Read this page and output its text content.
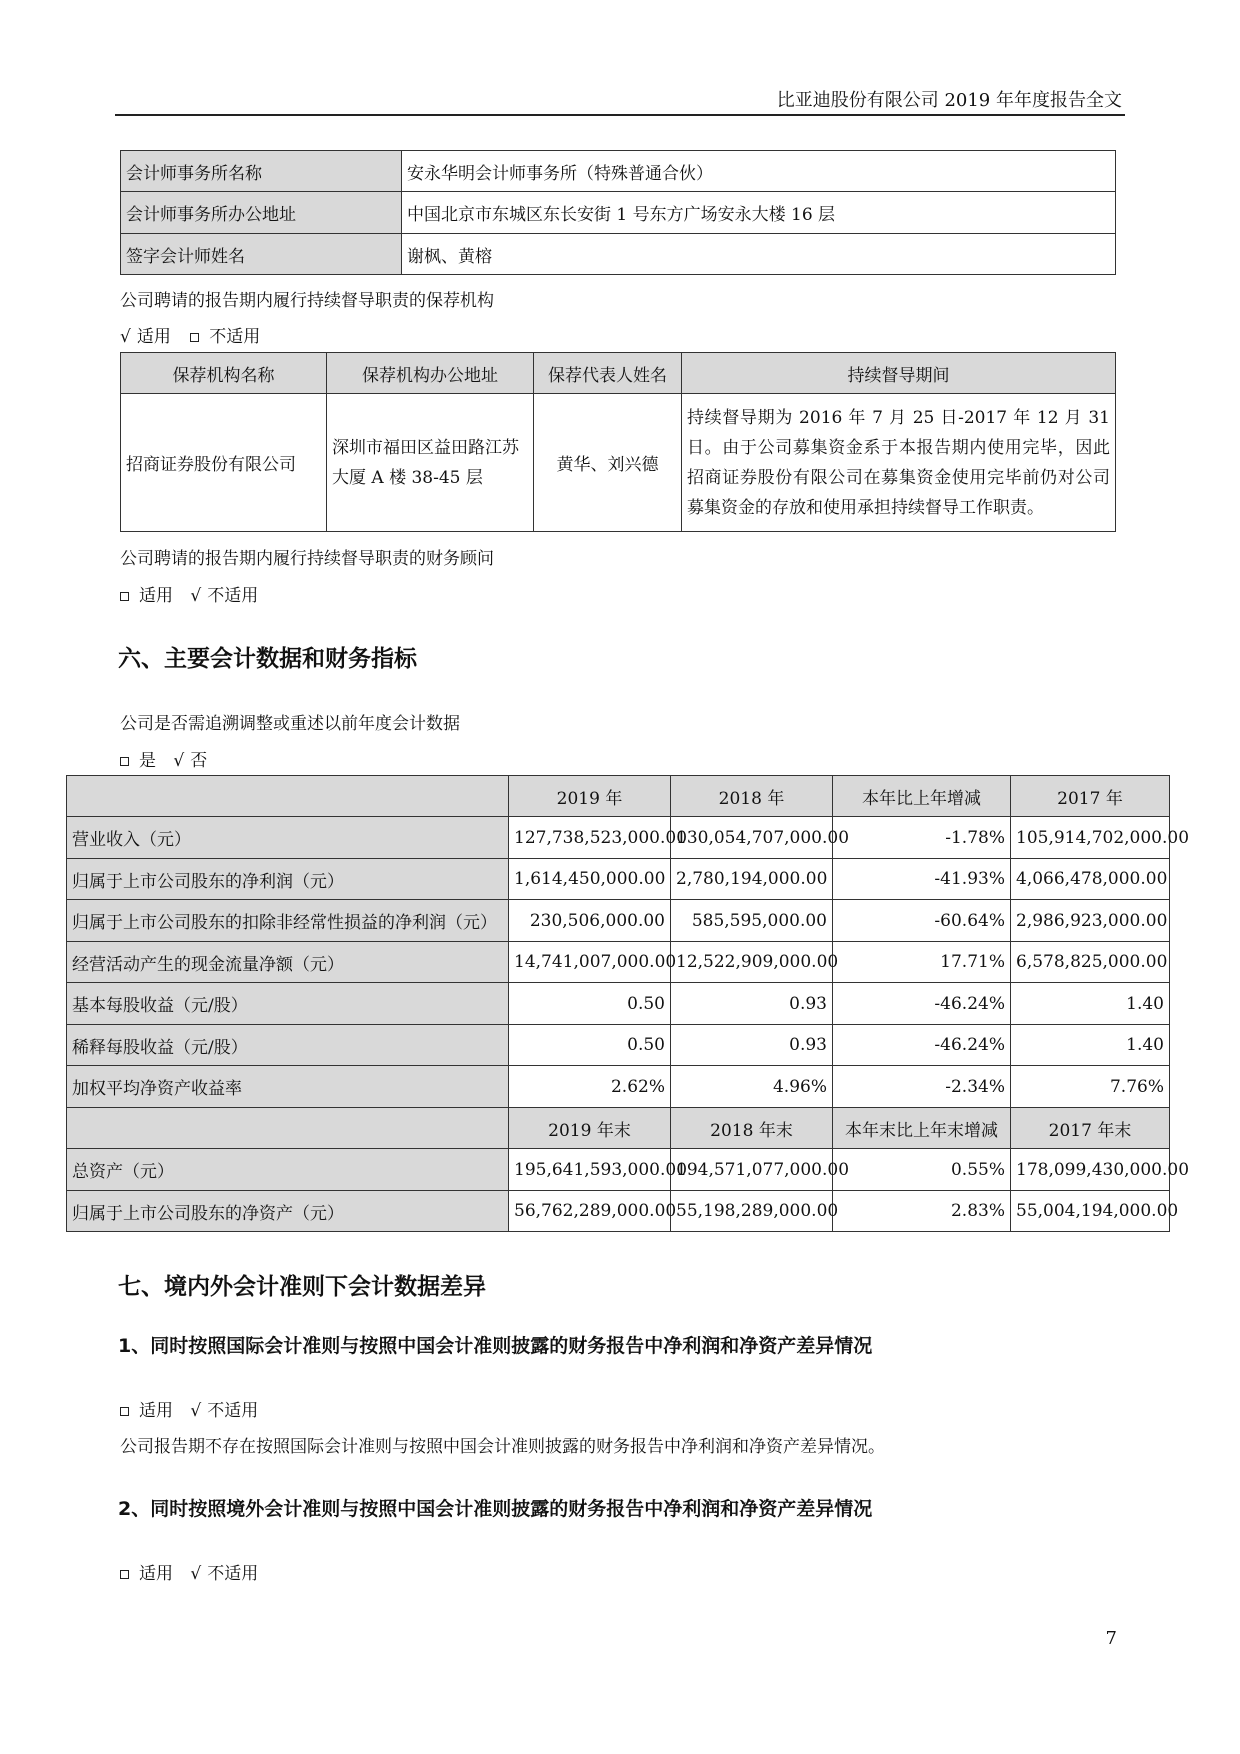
比亚迪股份有限公司 2019 年年度报告全文
会计师事务所名称	安永华明会计师事务所（特殊普通合伙）
会计师事务所办公地址	中国北京市东城区东长安街 1 号东方广场安永大楼 16 层
签字会计师姓名	谢枫、黄榕
公司聘请的报告期内履行持续督导职责的保荐机构
√ 适用 不适用
保荐机构名称	保荐机构办公地址	保荐代表人姓名	持续督导期间
招商证券股份有限公司	深圳市福田区益田路江苏大厦 A 楼 38-45 层	黄华、刘兴德	持续督导期为 2016 年 7 月 25 日-2017 年 12 月 31 日。由于公司募集资金系于本报告期内使用完毕，因此招商证券股份有限公司在募集资金使用完毕前仍对公司募集资金的存放和使用承担持续督导工作职责。
公司聘请的报告期内履行持续督导职责的财务顾问
适用 √ 不适用
六、主要会计数据和财务指标
公司是否需追溯调整或重述以前年度会计数据
是 √ 否
	2019 年	2018 年	本年比上年增减	2017 年
营业收入（元）	127,738,523,000.00	130,054,707,000.00	-1.78%	105,914,702,000.00
归属于上市公司股东的净利润（元）	1,614,450,000.00	2,780,194,000.00	-41.93%	4,066,478,000.00
归属于上市公司股东的扣除非经常性损益的净利润（元）	230,506,000.00	585,595,000.00	-60.64%	2,986,923,000.00
经营活动产生的现金流量净额（元）	14,741,007,000.00	12,522,909,000.00	17.71%	6,578,825,000.00
基本每股收益（元/股）	0.50	0.93	-46.24%	1.40
稀释每股收益（元/股）	0.50	0.93	-46.24%	1.40
加权平均净资产收益率	2.62%	4.96%	-2.34%	7.76%
	2019 年末	2018 年末	本年末比上年末增减	2017 年末
总资产（元）	195,641,593,000.00	194,571,077,000.00	0.55%	178,099,430,000.00
归属于上市公司股东的净资产（元）	56,762,289,000.00	55,198,289,000.00	2.83%	55,004,194,000.00
七、境内外会计准则下会计数据差异
1、同时按照国际会计准则与按照中国会计准则披露的财务报告中净利润和净资产差异情况
适用 √ 不适用
公司报告期不存在按照国际会计准则与按照中国会计准则披露的财务报告中净利润和净资产差异情况。
2、同时按照境外会计准则与按照中国会计准则披露的财务报告中净利润和净资产差异情况
适用 √ 不适用
7
